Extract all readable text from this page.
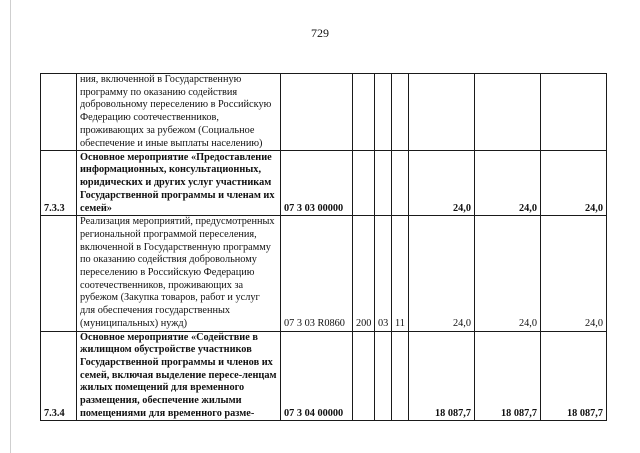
729
	ния, включенной в Государственную программу по оказанию содействия добровольному переселению в Российскую Федерацию соотечественников, проживающих за рубежом (Социальное обеспечение и иные выплаты населению)							
7.3.3	Основное мероприятие «Предоставление информационных, консультационных, юридических и других услуг участникам Государственной программы и членам их семей»	07 3 03 00000				24,0	24,0	24,0
	Реализация мероприятий, предусмотренных региональной программой переселения, включенной в Государственную программу по оказанию содействия добровольному переселению в Российскую Федерацию соотечественников, проживающих за рубежом (Закупка товаров, работ и услуг для обеспечения государственных (муниципальных) нужд)	07 3 03 R0860	200	03	11	24,0	24,0	24,0
7.3.4	Основное мероприятие «Содействие в жилищном обустройстве участников Государственной программы и членов их семей, включая выделение пересе-ленцам жилых помещений для временного размещения, обеспечение жилыми помещениями для временного разме-	07 3 04 00000				18 087,7	18 087,7	18 087,7
